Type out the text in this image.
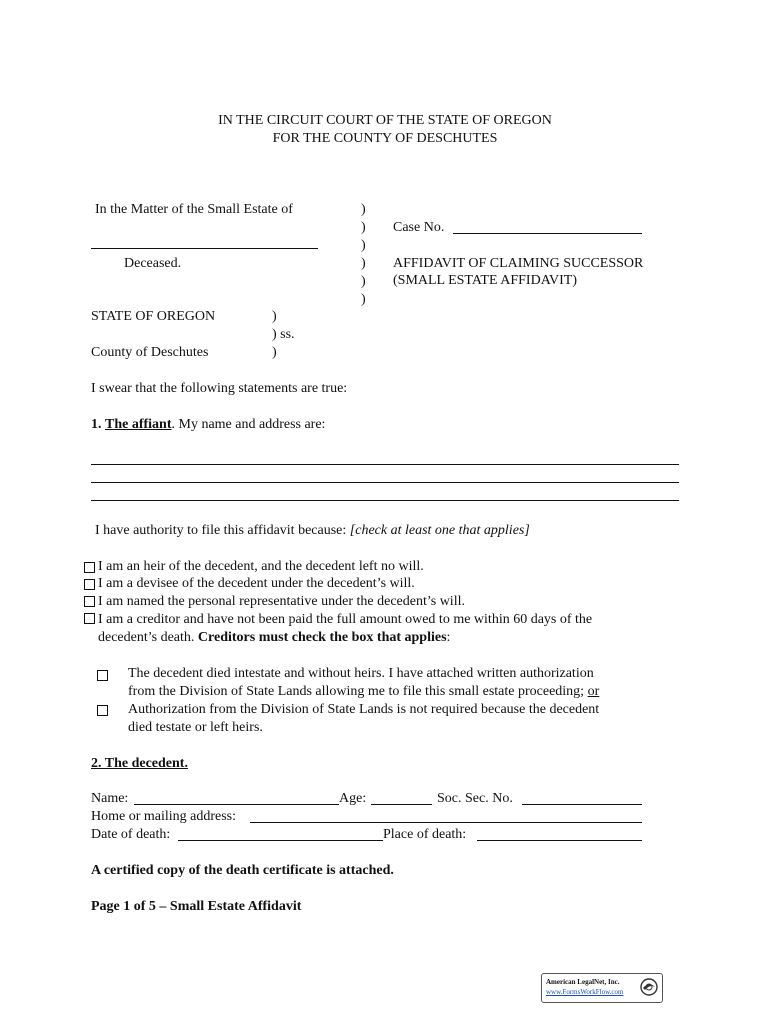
IN THE CIRCUIT COURT OF THE STATE OF OREGON
FOR THE COUNTY OF DESCHUTES
In the Matter of the Small Estate of
Deceased.
)
)
)
)
)
)
Case No.
AFFIDAVIT OF CLAIMING SUCCESSOR
(SMALL ESTATE AFFIDAVIT)
STATE OF OREGON	)
) ss.
County of Deschutes	)
I swear that the following statements are true:
1. The affiant. My name and address are:
I have authority to file this affidavit because: [check at least one that applies]
I am an heir of the decedent, and the decedent left no will.
I am a devisee of the decedent under the decedent’s will.
I am named the personal representative under the decedent’s will.
I am a creditor and have not been paid the full amount owed to me within 60 days of the
decedent’s death. Creditors must check the box that applies:
The decedent died intestate and without heirs. I have attached written authorization
from the Division of State Lands allowing me to file this small estate proceeding; or
Authorization from the Division of State Lands is not required because the decedent
died testate or left heirs.
2. The decedent.
Name:	Age:	Soc. Sec. No.
Home or mailing address:
Date of death:	Place of death:
A certified copy of the death certificate is attached.
Page 1 of 5 – Small Estate Affidavit
American LegalNet, Inc.
www.FormsWorkFlow.com
